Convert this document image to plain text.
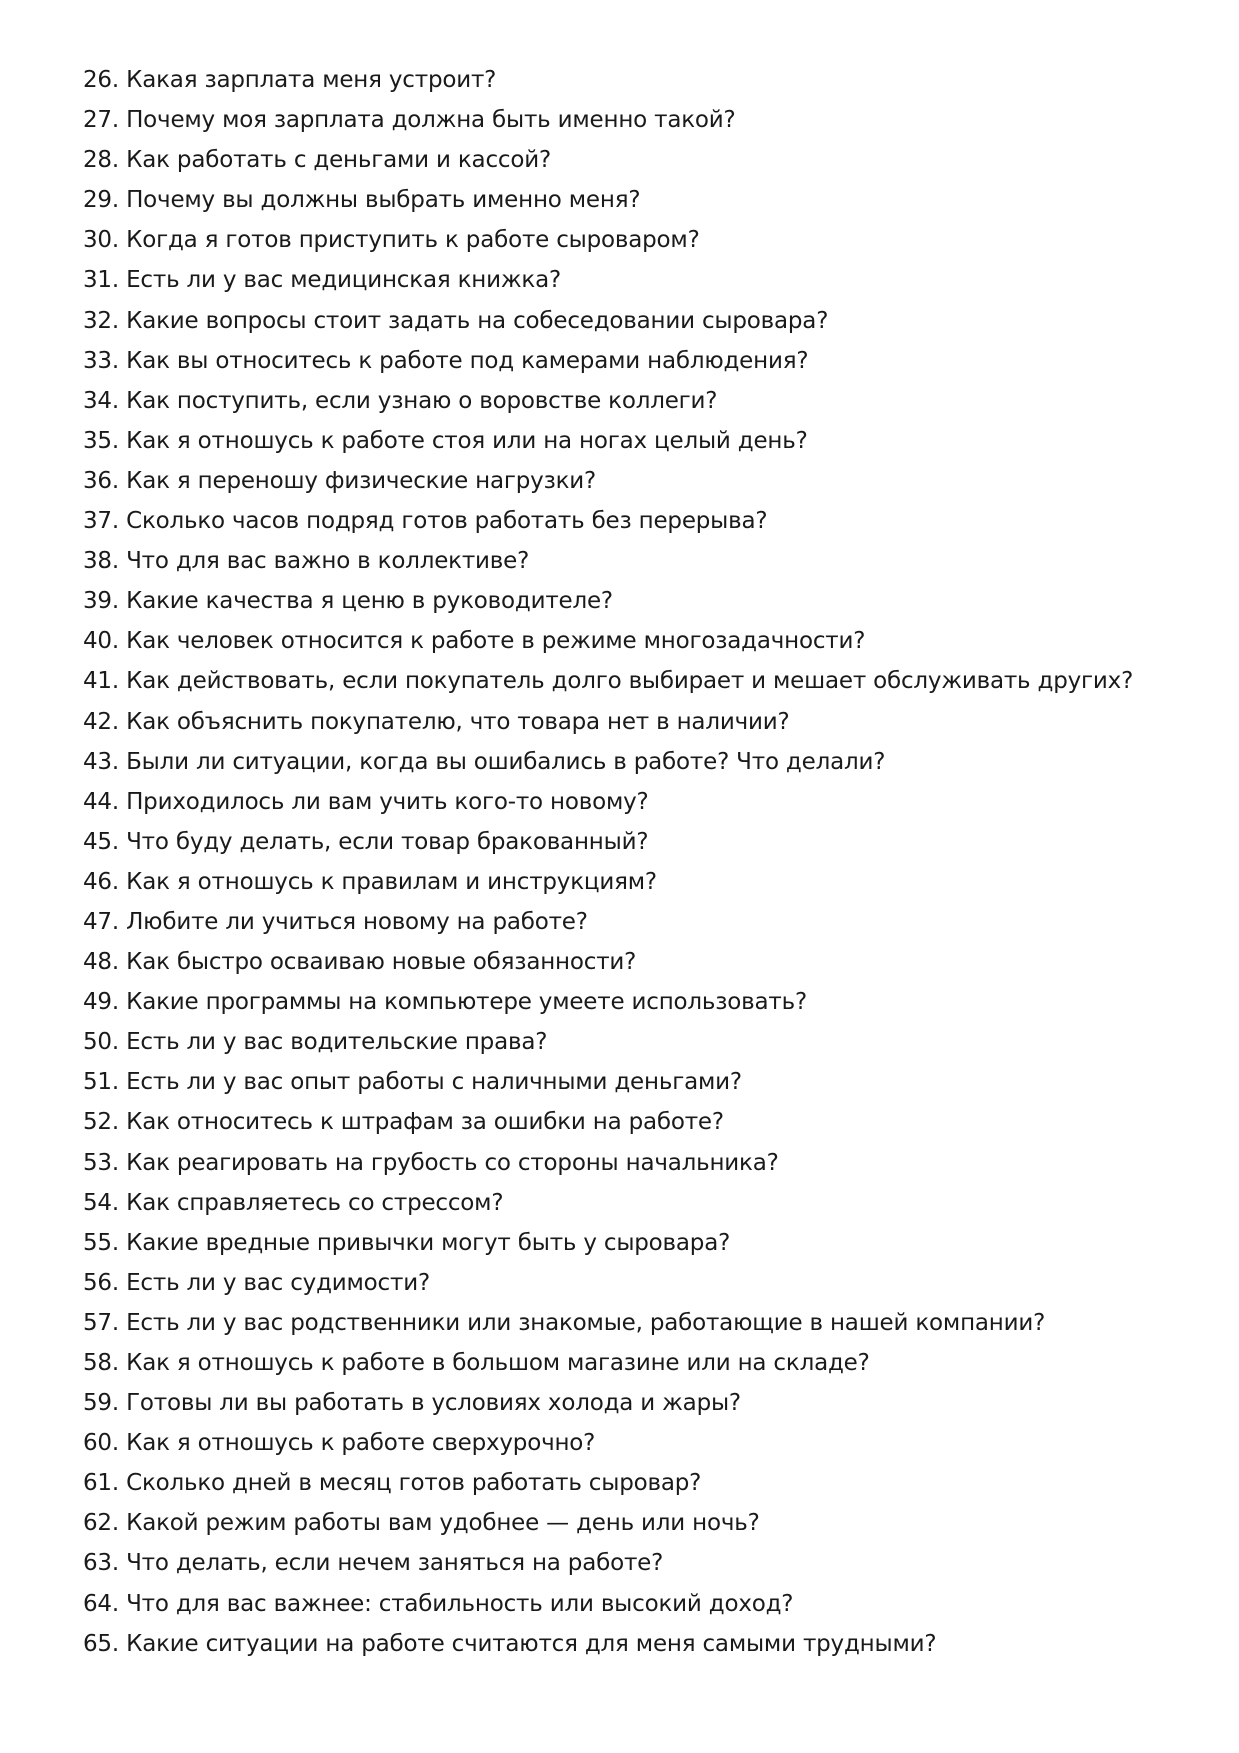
26. Какая зарплата меня устроит?
27. Почему моя зарплата должна быть именно такой?
28. Как работать с деньгами и кассой?
29. Почему вы должны выбрать именно меня?
30. Когда я готов приступить к работе сыроваром?
31. Есть ли у вас медицинская книжка?
32. Какие вопросы стоит задать на собеседовании сыровара?
33. Как вы относитесь к работе под камерами наблюдения?
34. Как поступить, если узнаю о воровстве коллеги?
35. Как я отношусь к работе стоя или на ногах целый день?
36. Как я переношу физические нагрузки?
37. Сколько часов подряд готов работать без перерыва?
38. Что для вас важно в коллективе?
39. Какие качества я ценю в руководителе?
40. Как человек относится к работе в режиме многозадачности?
41. Как действовать, если покупатель долго выбирает и мешает обслуживать других?
42. Как объяснить покупателю, что товара нет в наличии?
43. Были ли ситуации, когда вы ошибались в работе? Что делали?
44. Приходилось ли вам учить кого-то новому?
45. Что буду делать, если товар бракованный?
46. Как я отношусь к правилам и инструкциям?
47. Любите ли учиться новому на работе?
48. Как быстро осваиваю новые обязанности?
49. Какие программы на компьютере умеете использовать?
50. Есть ли у вас водительские права?
51. Есть ли у вас опыт работы с наличными деньгами?
52. Как относитесь к штрафам за ошибки на работе?
53. Как реагировать на грубость со стороны начальника?
54. Как справляетесь со стрессом?
55. Какие вредные привычки могут быть у сыровара?
56. Есть ли у вас судимости?
57. Есть ли у вас родственники или знакомые, работающие в нашей компании?
58. Как я отношусь к работе в большом магазине или на складе?
59. Готовы ли вы работать в условиях холода и жары?
60. Как я отношусь к работе сверхурочно?
61. Сколько дней в месяц готов работать сыровар?
62. Какой режим работы вам удобнее — день или ночь?
63. Что делать, если нечем заняться на работе?
64. Что для вас важнее: стабильность или высокий доход?
65. Какие ситуации на работе считаются для меня самыми трудными?
